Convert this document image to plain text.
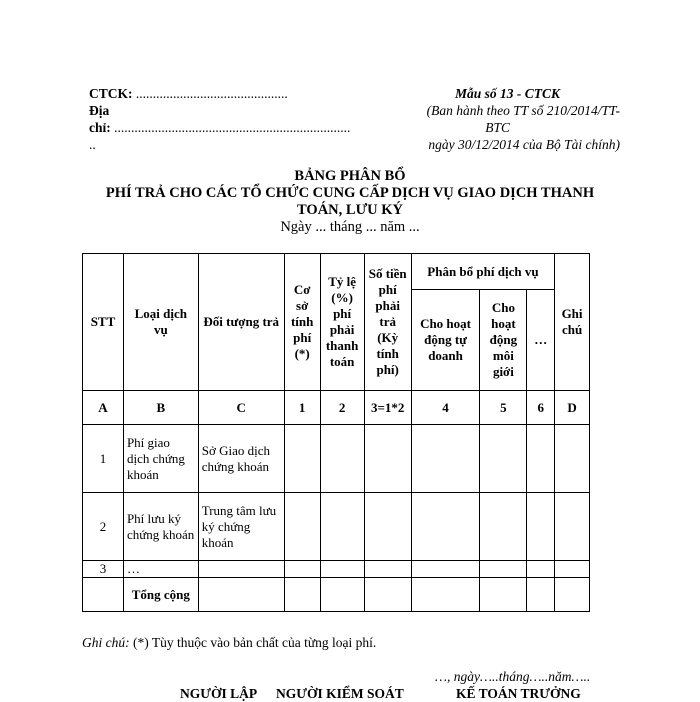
CTCK: .............................................
Địa
chỉ: ......................................................................
..
Mẫu số 13 - CTCK
(Ban hành theo TT số 210/2014/TT-
BTC
ngày 30/12/2014 của Bộ Tài chính)
BẢNG PHÂN BỔ
PHÍ TRẢ CHO CÁC TỔ CHỨC CUNG CẤP DỊCH VỤ GIAO DỊCH THANH
TOÁN, LƯU KÝ
Ngày ... tháng ... năm ...
STT	Loại dịch vụ	Đối tượng trả	Cơ sở tính phí (*)	Tỷ lệ (%) phí phải thanh toán	Số tiền phí phải trả (Kỳ tính phí)	Phân bổ phí dịch vụ			Ghi chú
						Cho hoạt động tự doanh	Cho hoạt động môi giới	…	
A	B	C	1	2	3=1*2	4	5	6	D
1	Phí giao dịch chứng khoán	Sở Giao dịch chứng khoán							
2	Phí lưu ký chứng khoán	Trung tâm lưu ký chứng khoán							
3	…								
	Tổng cộng								
Ghi chú: (*) Tùy thuộc vào bản chất của từng loại phí.
…, ngày…..tháng…..năm…..
NGƯỜI LẬP NGƯỜI KIỂM SOÁT	KẾ TOÁN TRƯỞNG
